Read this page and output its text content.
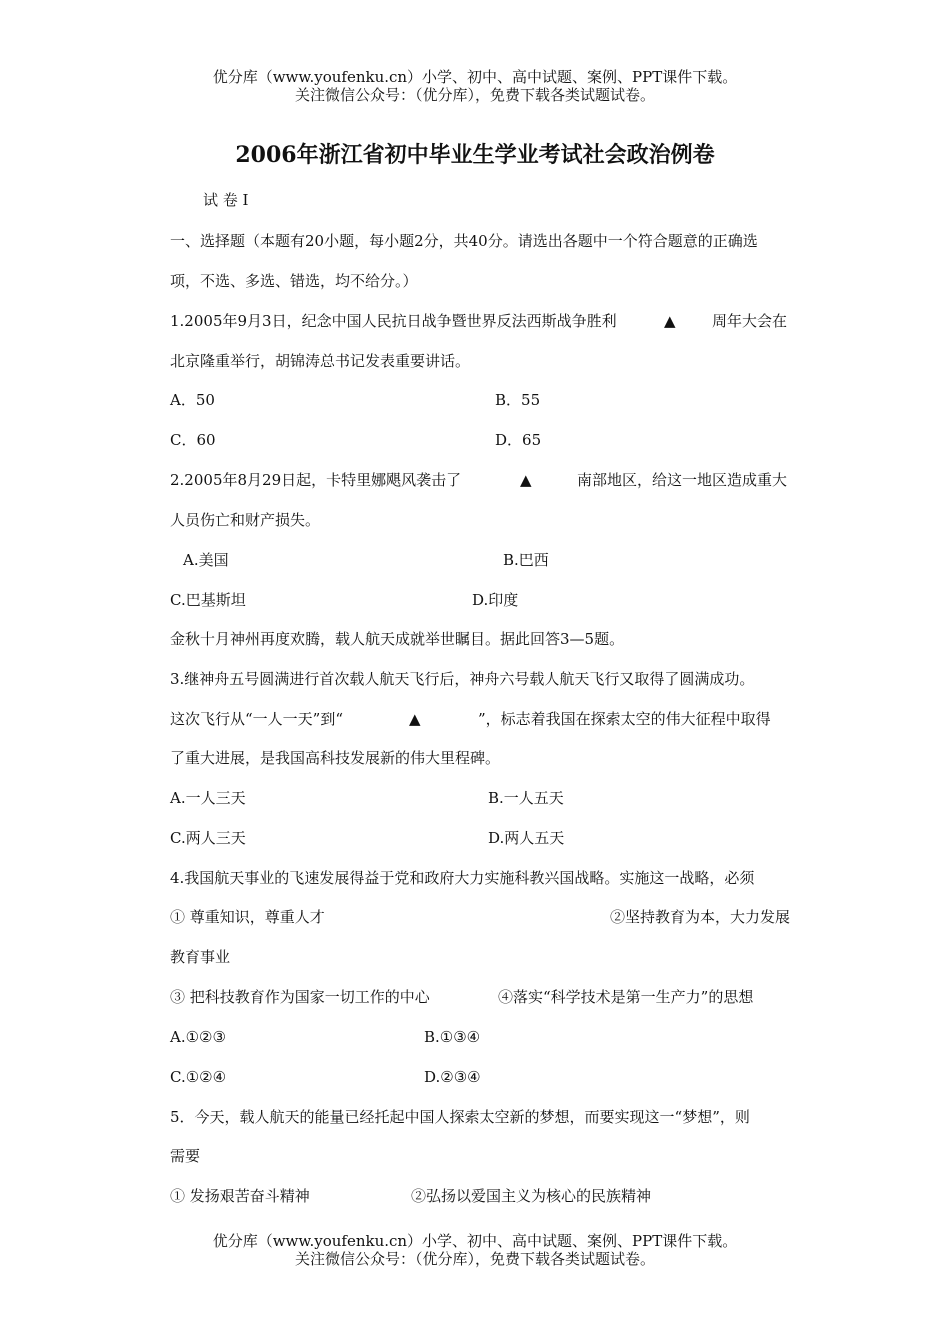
优分库（www.youfenku.cn）小学、初中、高中试题、案例、PPT课件下载。
关注微信公众号：（优分库），免费下载各类试题试卷。
2006年浙江省初中毕业生学业考试社会政治例卷
试 卷 Ⅰ
一、选择题（本题有20小题，每小题2分，共40分。请选出各题中一个符合题意的正确选
项，不选、多选、错选，均不给分。）
1.2005年9月3日，纪念中国人民抗日战争暨世界反法西斯战争胜利	▲ 周年大会在
北京隆重举行，胡锦涛总书记发表重要讲话。
A．50	B．55
C．60	D．65
2.2005年8月29日起，卡特里娜飓风袭击了	▲	南部地区，给这一地区造成重大
人员伤亡和财产损失。
A.美国	B.巴西
C.巴基斯坦	D.印度
金秋十月神州再度欢腾，载人航天成就举世瞩目。据此回答3—5题。
3.继神舟五号圆满进行首次载人航天飞行后，神舟六号载人航天飞行又取得了圆满成功。
这次飞行从“一人一天”到“	▲	”，标志着我国在探索太空的伟大征程中取得
了重大进展，是我国高科技发展新的伟大里程碑。
A.一人三天	B.一人五天
C.两人三天	D.两人五天
4.我国航天事业的飞速发展得益于党和政府大力实施科教兴国战略。实施这一战略，必须
① 尊重知识，尊重人才	②坚持教育为本，大力发展
教育事业
③ 把科技教育作为国家一切工作的中心	④落实“科学技术是第一生产力”的思想
A.①②③	B.①③④
C.①②④	D.②③④
5．今天，载人航天的能量已经托起中国人探索太空新的梦想，而要实现这一“梦想”，则
需要
① 发扬艰苦奋斗精神	②弘扬以爱国主义为核心的民族精神
优分库（www.youfenku.cn）小学、初中、高中试题、案例、PPT课件下载。
关注微信公众号：（优分库），免费下载各类试题试卷。
